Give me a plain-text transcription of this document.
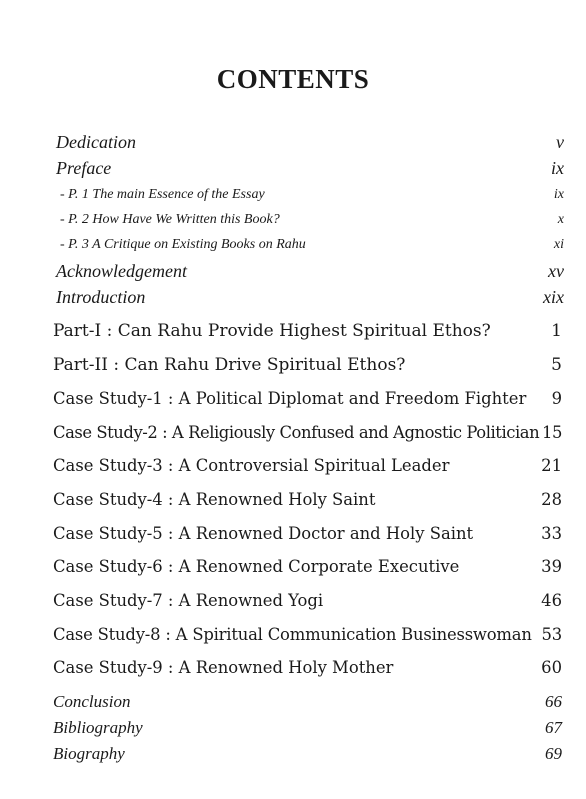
CONTENTS
Dedication	v
Preface	ix
- P. 1 The main Essence of the Essay	ix
- P. 2 How Have We Written this Book?	x
- P. 3 A Critique on Existing Books on Rahu	xi
Acknowledgement	xv
Introduction	xix
Part-I : Can Rahu Provide Highest Spiritual Ethos?	1
Part-II : Can Rahu Drive Spiritual Ethos?	5
Case Study-1 : A Political Diplomat and Freedom Fighter 9
Case Study-2 : A Religiously Confused and Agnostic Politician 15
Case Study-3 : A Controversial Spiritual Leader	21
Case Study-4 : A Renowned Holy Saint	28
Case Study-5 : A Renowned Doctor and Holy Saint	33
Case Study-6 : A Renowned Corporate Executive	39
Case Study-7 : A Renowned Yogi	46
Case Study-8 : A Spiritual Communication Businesswoman 53
Case Study-9 : A Renowned Holy Mother	60
Conclusion	66
Bibliography	67
Biography	69
